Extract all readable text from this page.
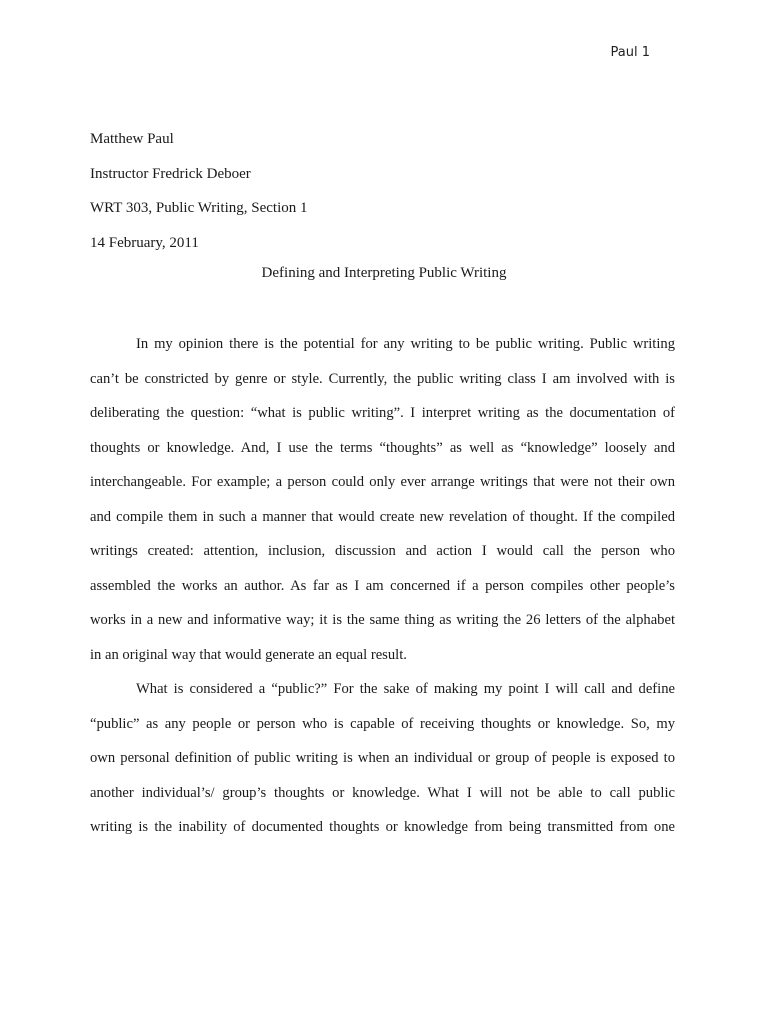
Paul 1
Matthew Paul
Instructor Fredrick Deboer
WRT 303, Public Writing, Section 1
14 February, 2011
Defining and Interpreting Public Writing
In my opinion there is the potential for any writing to be public writing. Public writing
can’t be constricted by genre or style. Currently, the public writing class I am involved with is
deliberating the question: “what is public writing”. I interpret writing as the documentation of
thoughts or knowledge. And, I use the terms “thoughts” as well as “knowledge” loosely and
interchangeable. For example; a person could only ever arrange writings that were not their own
and compile them in such a manner that would create new revelation of thought. If the compiled
writings created: attention, inclusion, discussion and action I would call the person who
assembled the works an author. As far as I am concerned if a person compiles other people’s
works in a new and informative way; it is the same thing as writing the 26 letters of the alphabet
in an original way that would generate an equal result.
What is considered a “public?” For the sake of making my point I will call and define
“public” as any people or person who is capable of receiving thoughts or knowledge. So, my
own personal definition of public writing is when an individual or group of people is exposed to
another individual’s/ group’s thoughts or knowledge. What I will not be able to call public
writing is the inability of documented thoughts or knowledge from being transmitted from one
